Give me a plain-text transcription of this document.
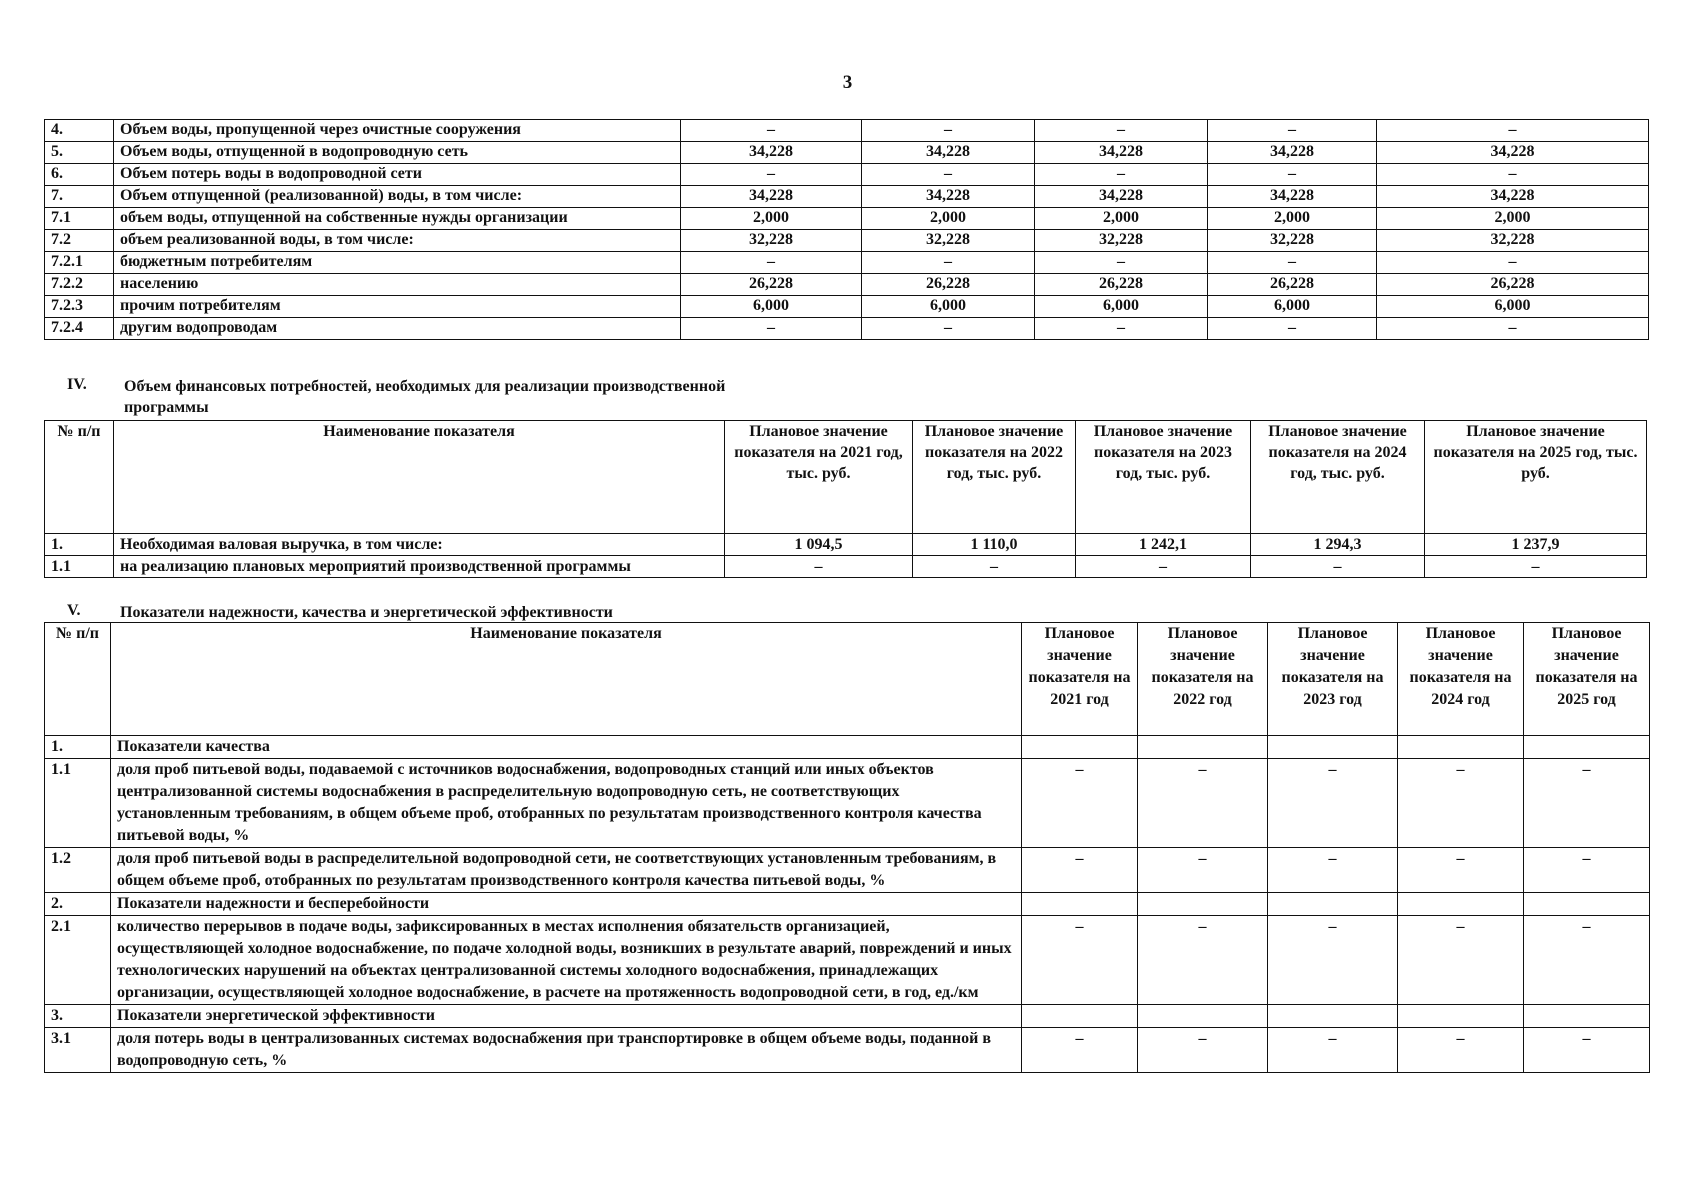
3
4.	Объем воды, пропущенной через очистные сооружения	–	–	–	–	–
5.	Объем воды, отпущенной в водопроводную сеть	34,228	34,228	34,228	34,228	34,228
6.	Объем потерь воды в водопроводной сети	–	–	–	–	–
7.	Объем отпущенной (реализованной) воды, в том числе:	34,228	34,228	34,228	34,228	34,228
7.1	объем воды, отпущенной на собственные нужды организации	2,000	2,000	2,000	2,000	2,000
7.2	объем реализованной воды, в том числе:	32,228	32,228	32,228	32,228	32,228
7.2.1	бюджетным потребителям	–	–	–	–	–
7.2.2	населению	26,228	26,228	26,228	26,228	26,228
7.2.3	прочим потребителям	6,000	6,000	6,000	6,000	6,000
7.2.4	другим водопроводам	–	–	–	–	–
IV. Объем финансовых потребностей, необходимых для реализации производственной
программы
№ п/п	Наименование показателя	Плановое значение показателя на 2021 год, тыс. руб.	Плановое значение показателя на 2022 год, тыс. руб.	Плановое значение показателя на 2023 год, тыс. руб.	Плановое значение показателя на 2024 год, тыс. руб.	Плановое значение показателя на 2025 год, тыс. руб.
1.	Необходимая валовая выручка, в том числе:	1 094,5	1 110,0	1 242,1	1 294,3	1 237,9
1.1	на реализацию плановых мероприятий производственной программы	–	–	–	–	–
V. Показатели надежности, качества и энергетической эффективности
№ п/п	Наименование показателя	Плановое значение показателя на 2021 год	Плановое значение показателя на 2022 год	Плановое значение показателя на 2023 год	Плановое значение показателя на 2024 год	Плановое значение показателя на 2025 год
1.	Показатели качества					
1.1	доля проб питьевой воды, подаваемой с источников водоснабжения, водопроводных станций или иных объектов централизованной системы водоснабжения в распределительную водопроводную сеть, не соответствующих установленным требованиям, в общем объеме проб, отобранных по результатам производственного контроля качества питьевой воды, %	–	–	–	–	–
1.2	доля проб питьевой воды в распределительной водопроводной сети, не соответствующих установленным требованиям, в общем объеме проб, отобранных по результатам производственного контроля качества питьевой воды, %	–	–	–	–	–
2.	Показатели надежности и бесперебойности					
2.1	количество перерывов в подаче воды, зафиксированных в местах исполнения обязательств организацией, осуществляющей холодное водоснабжение, по подаче холодной воды, возникших в результате аварий, повреждений и иных технологических нарушений на объектах централизованной системы холодного водоснабжения, принадлежащих организации, осуществляющей холодное водоснабжение, в расчете на протяженность водопроводной сети, в год, ед./км	–	–	–	–	–
3.	Показатели энергетической эффективности					
3.1	доля потерь воды в централизованных системах водоснабжения при транспортировке в общем объеме воды, поданной в водопроводную сеть, %	–	–	–	–	–
